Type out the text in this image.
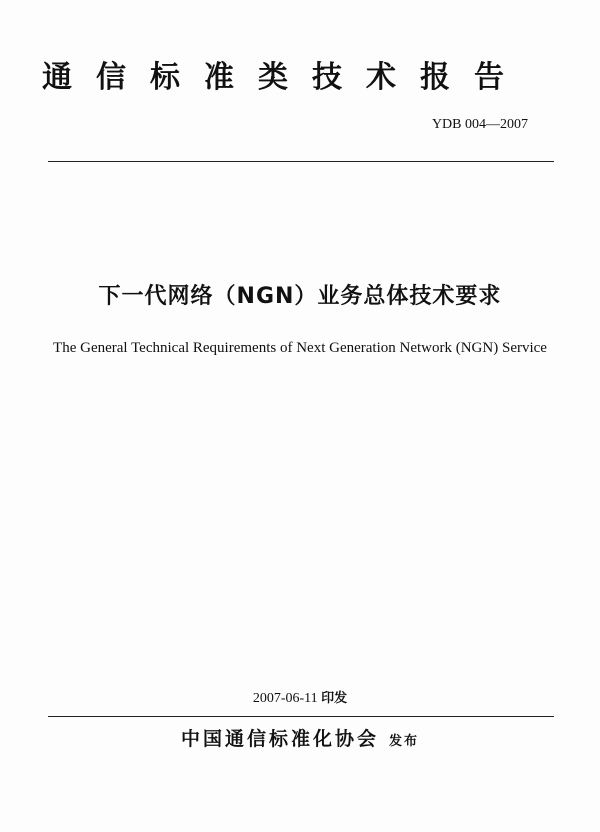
通信标准类技术报告
YDB 004—2007
下一代网络（NGN）业务总体技术要求

The General Technical Requirements of Next Generation Network (NGN) Service

2007-06-11 印发
中国通信标准化协会 发布
